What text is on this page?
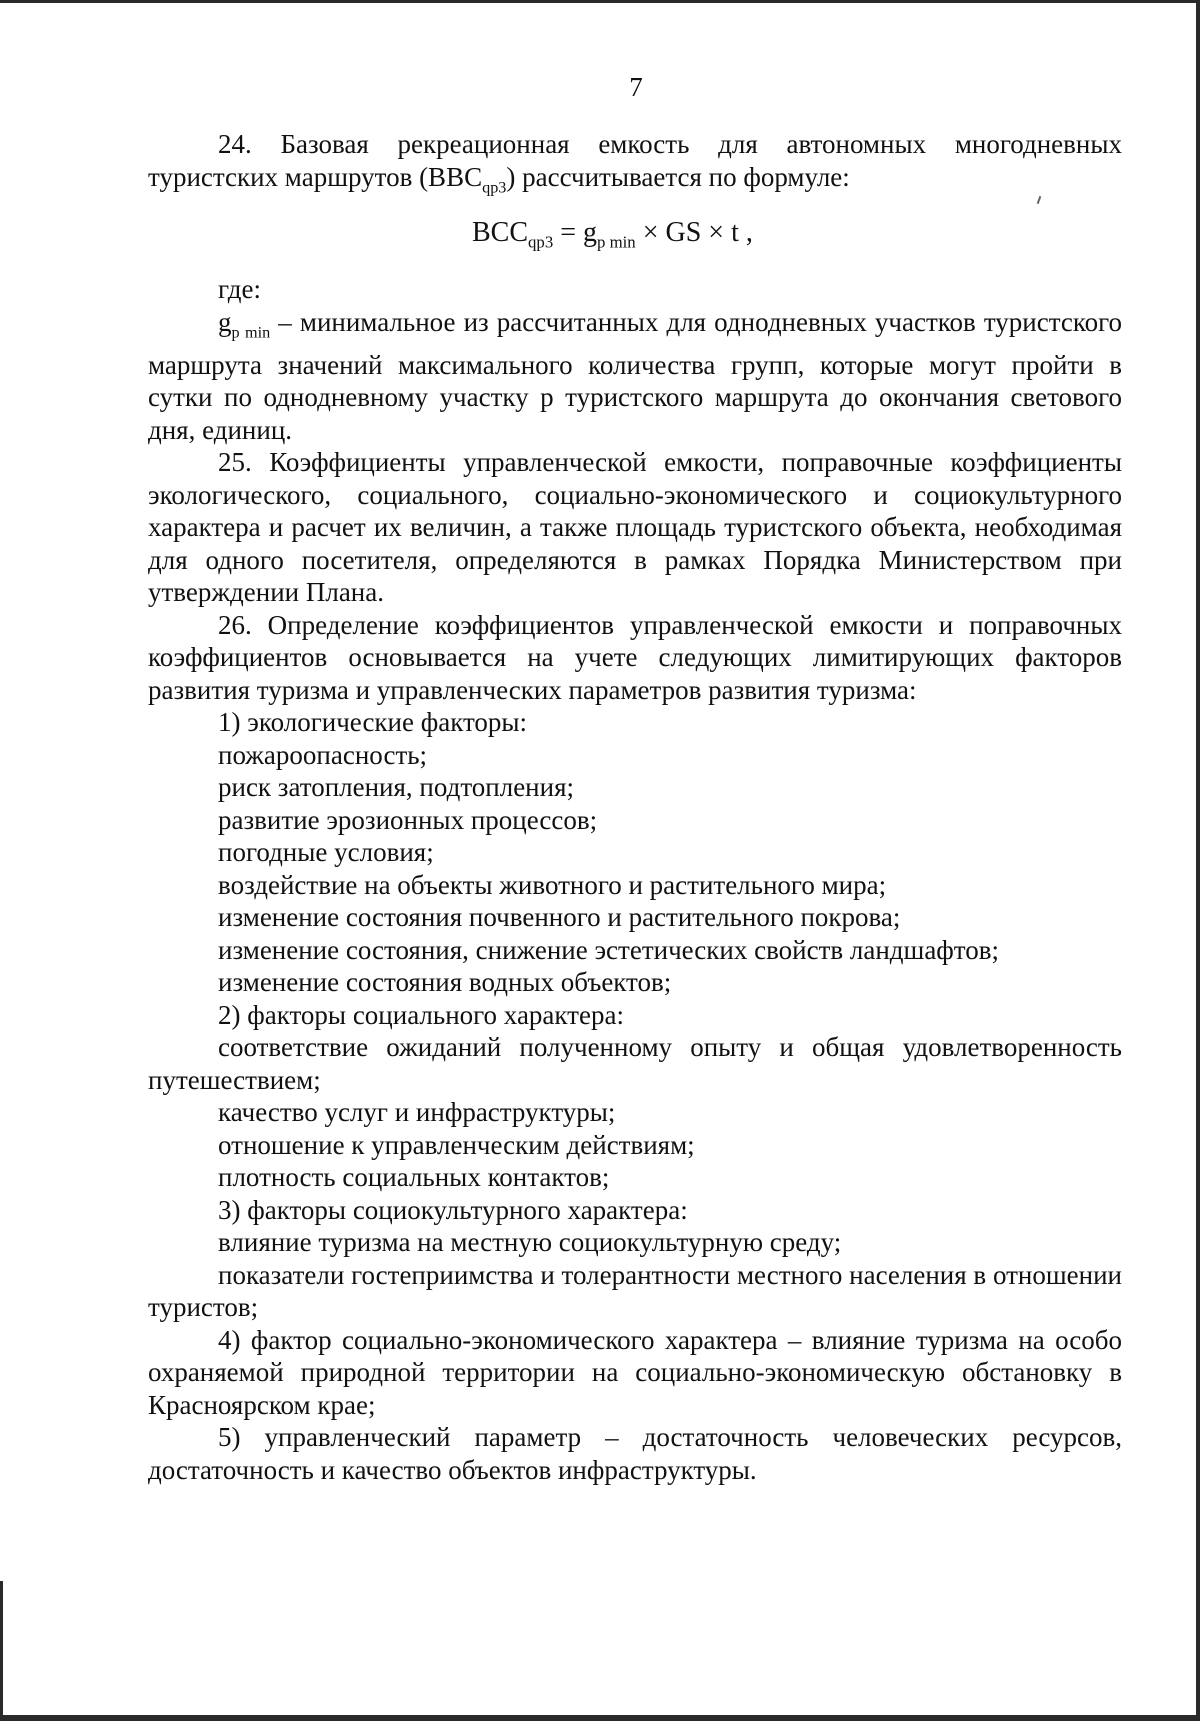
7

24. Базовая рекреационная емкость для автономных многодневных туристских маршрутов $(BBC_{qp3})$ рассчитывается по формуле:

$BCC_{qp3} = g_{p min}$ × GS × t ,

где:

$g_{p min}$ – минимальное из рассчитанных для однодневных участков туристского маршрута значений максимального количества групп, которые могут пройти в сутки по однодневному участку p туристского маршрута до окончания светового дня, единиц.

25. Коэффициенты управленческой емкости, поправочные коэффициенты экологического, социального, социально-экономического и социокультурного характера и расчет их величин, а также площадь туристского объекта, необходимая для одного посетителя, определяются в рамках Порядка Министерством при утверждении Плана.

26. Определение коэффициентов управленческой емкости и поправочных коэффициентов основывается на учете следующих лимитирующих факторов развития туризма и управленческих параметров развития туризма:

1) экологические факторы:

пожароопасность;

риск затопления, подтопления;

развитие эрозионных процессов;

погодные условия;

воздействие на объекты животного и растительного мира;

изменение состояния почвенного и растительного покрова;

изменение состояния, снижение эстетических свойств ландшафтов;

изменение состояния водных объектов;

2) факторы социального характера:

соответствие ожиданий полученному опыту и общая удовлетворенность путешествием;

качество услуг и инфраструктуры;

отношение к управленческим действиям;

плотность социальных контактов;

3) факторы социокультурного характера:

влияние туризма на местную социокультурную среду;

показатели гостеприимства и толерантности местного населения в отношении туристов;

4) фактор социально-экономического характера – влияние туризма на особо охраняемой природной территории на социально-экономическую обстановку в Красноярском крае;

5) управленческий параметр – достаточность человеческих ресурсов, достаточность и качество объектов инфраструктуры.
